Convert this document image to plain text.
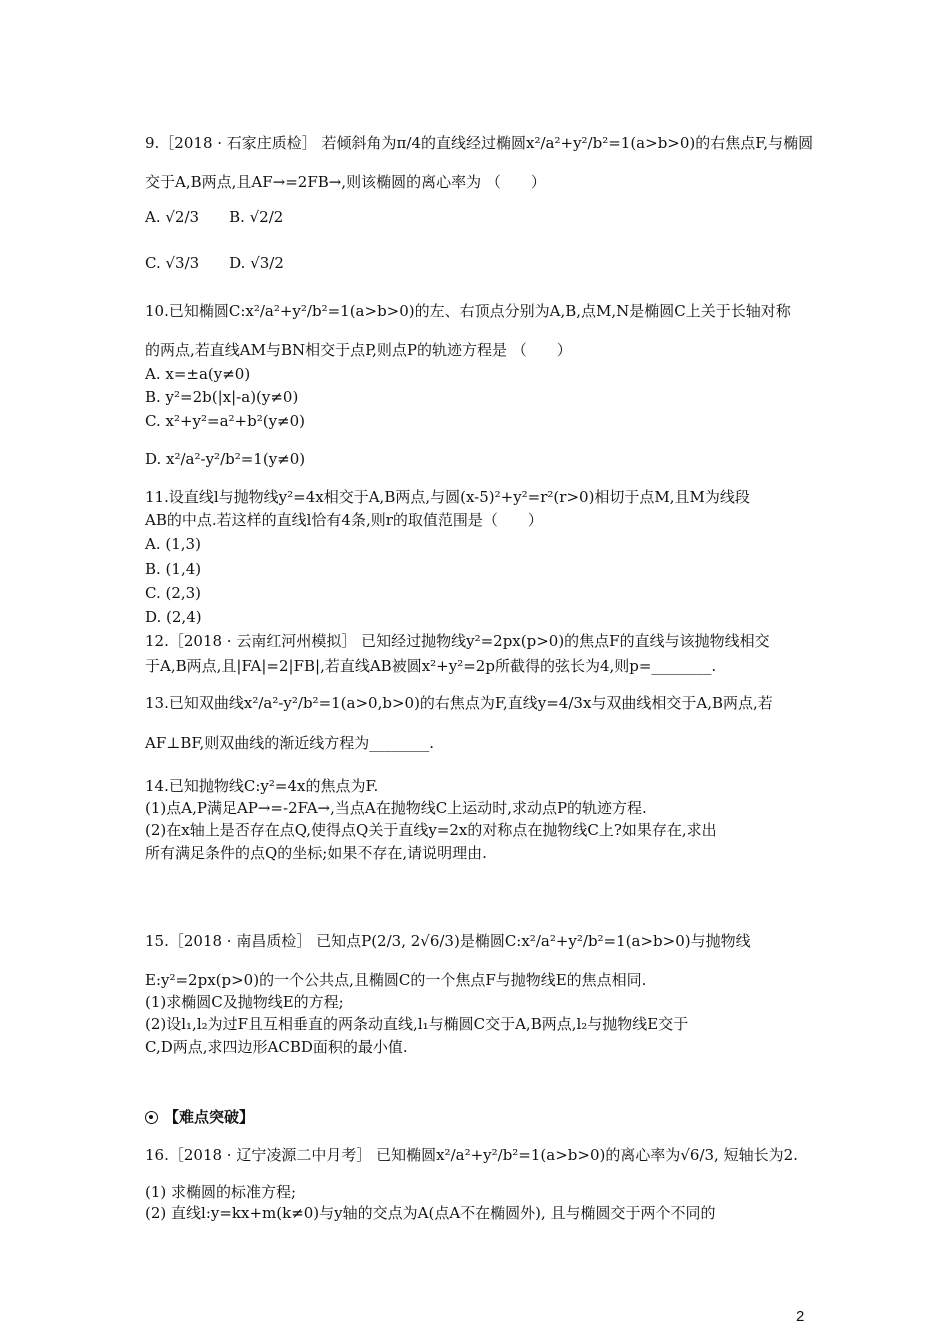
9.［2018 · 石家庄质检］ 若倾斜角为π/4的直线经过椭圆x²/a²+y²/b²=1(a>b>0)的右焦点F,与椭圆
交于A,B两点,且AF→=2FB→,则该椭圆的离心率为 （　　）
A. √2/3　　B. √2/2
C. √3/3　　D. √3/2
10.已知椭圆C:x²/a²+y²/b²=1(a>b>0)的左、右顶点分别为A,B,点M,N是椭圆C上关于长轴对称
的两点,若直线AM与BN相交于点P,则点P的轨迹方程是 （　　）
A. x=±a(y≠0)
B. y²=2b(|x|-a)(y≠0)
C. x²+y²=a²+b²(y≠0)
D. x²/a²-y²/b²=1(y≠0)
11.设直线l与抛物线y²=4x相交于A,B两点,与圆(x-5)²+y²=r²(r>0)相切于点M,且M为线段
AB的中点.若这样的直线l恰有4条,则r的取值范围是（　　）
A. (1,3)
B. (1,4)
C. (2,3)
D. (2,4)
12.［2018 · 云南红河州模拟］ 已知经过抛物线y²=2px(p>0)的焦点F的直线与该抛物线相交
于A,B两点,且|FA|=2|FB|,若直线AB被圆x²+y²=2p所截得的弦长为4,则p=________.
13.已知双曲线x²/a²-y²/b²=1(a>0,b>0)的右焦点为F,直线y=4/3x与双曲线相交于A,B两点,若
AF⊥BF,则双曲线的渐近线方程为________.
14.已知抛物线C:y²=4x的焦点为F.
(1)点A,P满足AP→=-2FA→,当点A在抛物线C上运动时,求动点P的轨迹方程.
(2)在x轴上是否存在点Q,使得点Q关于直线y=2x的对称点在抛物线C上?如果存在,求出
所有满足条件的点Q的坐标;如果不存在,请说明理由.
15.［2018 · 南昌质检］ 已知点P(2/3, 2√6/3)是椭圆C:x²/a²+y²/b²=1(a>b>0)与抛物线
E:y²=2px(p>0)的一个公共点,且椭圆C的一个焦点F与抛物线E的焦点相同.
(1)求椭圆C及抛物线E的方程;
(2)设l₁,l₂为过F且互相垂直的两条动直线,l₁与椭圆C交于A,B两点,l₂与抛物线E交于
C,D两点,求四边形ACBD面积的最小值.
16.［2018 · 辽宁凌源二中月考］ 已知椭圆x²/a²+y²/b²=1(a>b>0)的离心率为√6/3, 短轴长为2.
(1) 求椭圆的标准方程;
(2) 直线l:y=kx+m(k≠0)与y轴的交点为A(点A不在椭圆外), 且与椭圆交于两个不同的
【难点突破】
2
